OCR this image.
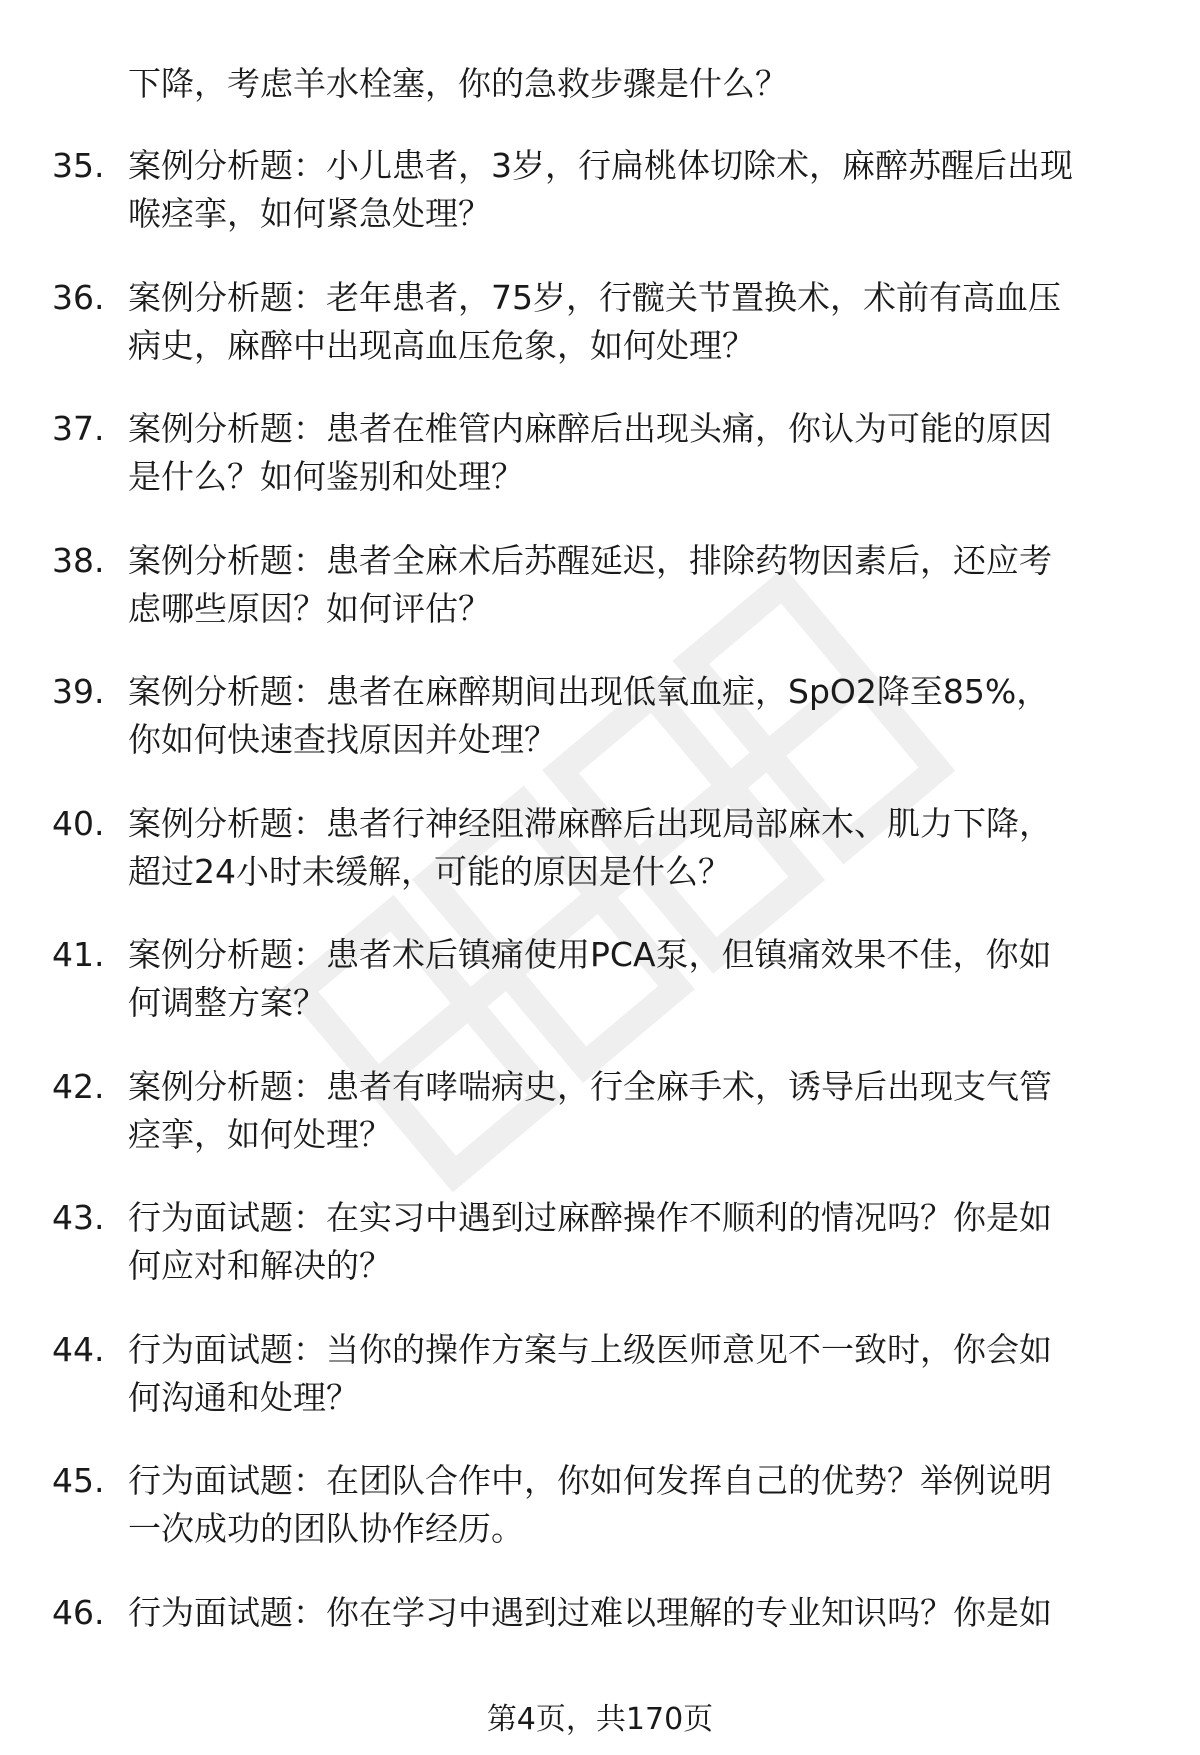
下降，考虑羊水栓塞，你的急救步骤是什么？
35. 案例分析题：小儿患者，3岁，行扁桃体切除术，麻醉苏醒后出现
喉痉挛，如何紧急处理？
36. 案例分析题：老年患者，75岁，行髋关节置换术，术前有高血压
病史，麻醉中出现高血压危象，如何处理？
37. 案例分析题：患者在椎管内麻醉后出现头痛，你认为可能的原因
是什么？如何鉴别和处理？
38. 案例分析题：患者全麻术后苏醒延迟，排除药物因素后，还应考
虑哪些原因？如何评估？
39. 案例分析题：患者在麻醉期间出现低氧血症，SpO2降至85%，
你如何快速查找原因并处理？
40. 案例分析题：患者行神经阻滞麻醉后出现局部麻木、肌力下降，
超过24小时未缓解，可能的原因是什么？
41. 案例分析题：患者术后镇痛使用PCA泵，但镇痛效果不佳，你如
何调整方案？
42. 案例分析题：患者有哮喘病史，行全麻手术，诱导后出现支气管
痉挛，如何处理？
43. 行为面试题：在实习中遇到过麻醉操作不顺利的情况吗？你是如
何应对和解决的？
44. 行为面试题：当你的操作方案与上级医师意见不一致时，你会如
何沟通和处理？
45. 行为面试题：在团队合作中，你如何发挥自己的优势？举例说明
一次成功的团队协作经历。
46. 行为面试题：你在学习中遇到过难以理解的专业知识吗？你是如
第4页，共170页
